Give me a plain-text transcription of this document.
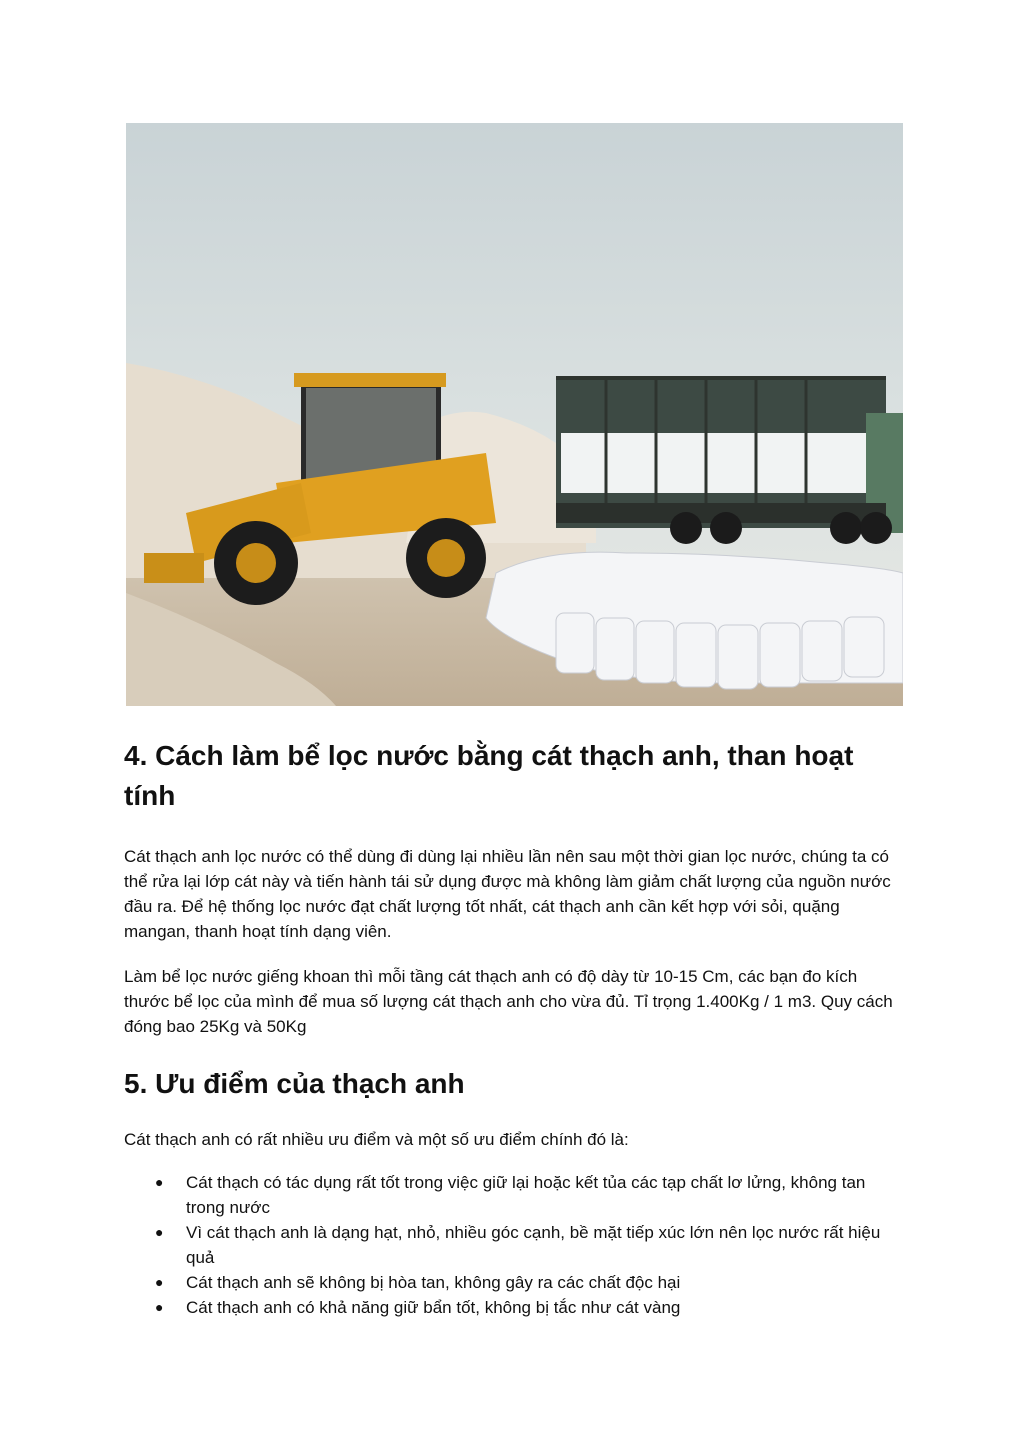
4. Cách làm bể lọc nước bằng cát thạch anh, than hoạt tính

Cát thạch anh lọc nước có thể dùng đi dùng lại nhiều lần nên sau một thời gian lọc nước, chúng ta có thể rửa lại lớp cát này và tiến hành tái sử dụng được mà không làm giảm chất lượng của nguồn nước đầu ra. Để hệ thống lọc nước đạt chất lượng tốt nhất, cát thạch anh cần kết hợp với sỏi, quặng mangan, thanh hoạt tính dạng viên.

Làm bể lọc nước giếng khoan thì mỗi tầng cát thạch anh có độ dày từ 10-15 Cm, các bạn đo kích thước bể lọc của mình để mua số lượng cát thạch anh cho vừa đủ. Tỉ trọng 1.400Kg / 1 m3. Quy cách đóng bao 25Kg và 50Kg

5. Ưu điểm của thạch anh

Cát thạch anh có rất nhiều ưu điểm và một số ưu điểm chính đó là:

● Cát thạch có tác dụng rất tốt trong việc giữ lại hoặc kết tủa các tạp chất lơ lửng, không tan trong nước
● Vì cát thạch anh là dạng hạt, nhỏ, nhiều góc cạnh, bề mặt tiếp xúc lớn nên lọc nước rất hiệu quả
● Cát thạch anh sẽ không bị hòa tan, không gây ra các chất độc hại
● Cát thạch anh có khả năng giữ bẩn tốt, không bị tắc như cát vàng
